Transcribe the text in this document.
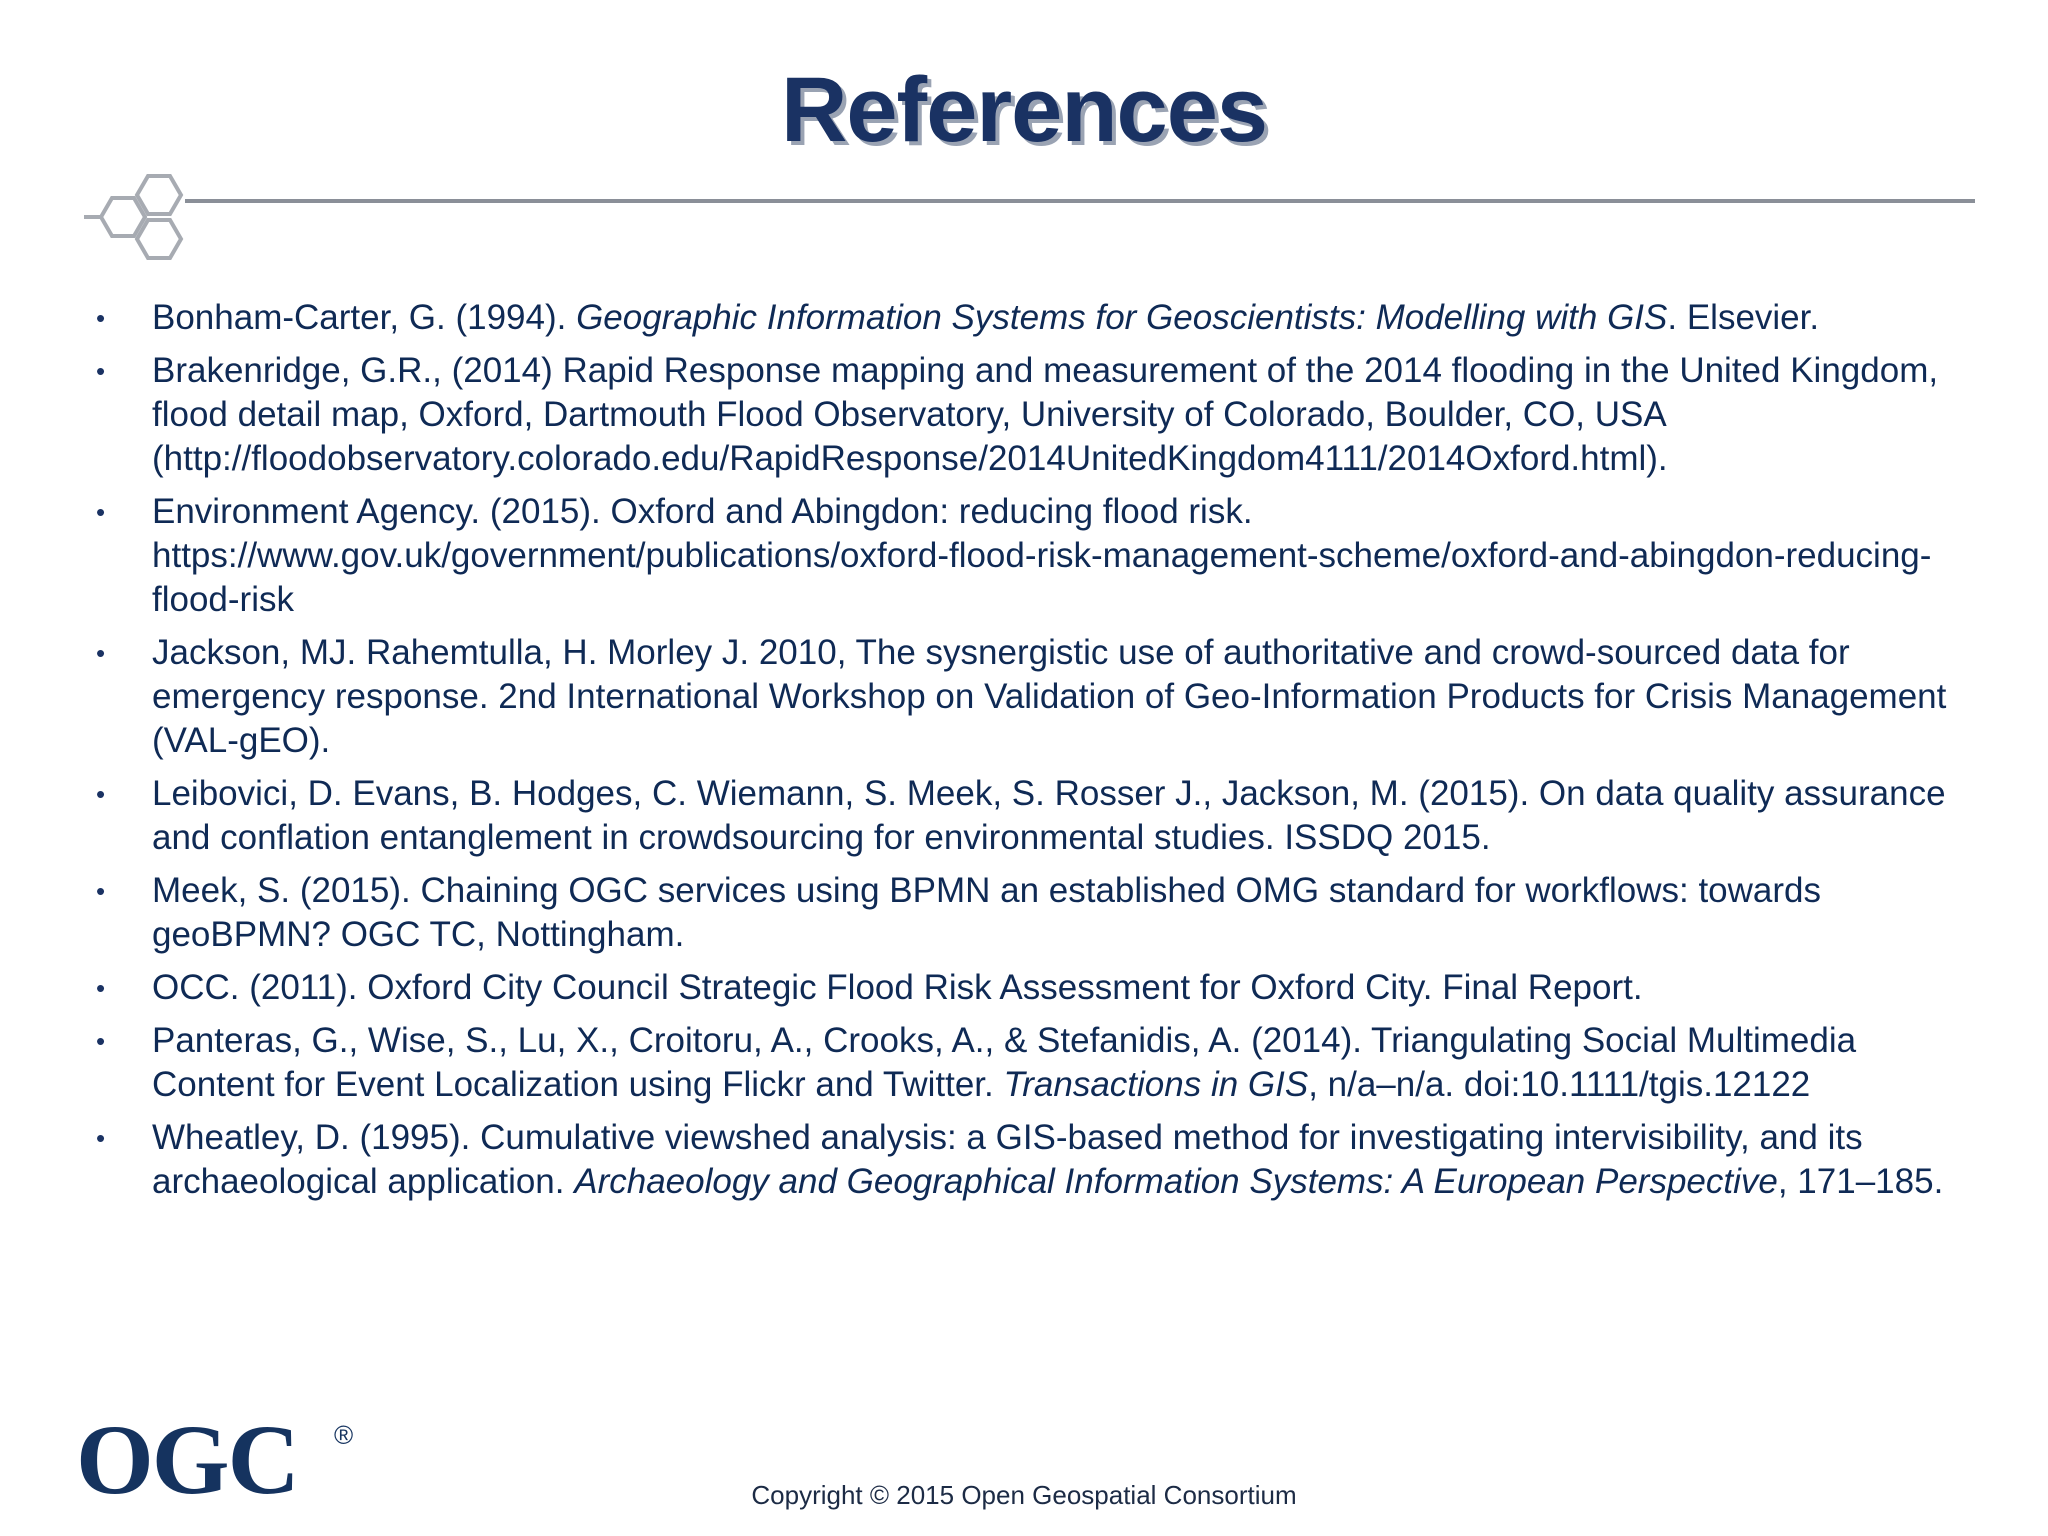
References
• Bonham-Carter, G. (1994). Geographic Information Systems for Geoscientists: Modelling with GIS. Elsevier.
• Brakenridge, G.R., (2014) Rapid Response mapping and measurement of the 2014 flooding in the United Kingdom, flood detail map, Oxford, Dartmouth Flood Observatory, University of Colorado, Boulder, CO, USA (http://floodobservatory.colorado.edu/RapidResponse/2014UnitedKingdom4111/2014Oxford.html).
• Environment Agency. (2015). Oxford and Abingdon: reducing flood risk. https://www.gov.uk/government/publications/oxford-flood-risk-management-scheme/oxford-and-abingdon-reducing-flood-risk
• Jackson, MJ. Rahemtulla, H. Morley J. 2010, The sysnergistic use of authoritative and crowd-sourced data for emergency response. 2nd International Workshop on Validation of Geo-Information Products for Crisis Management (VAL-gEO).
• Leibovici, D. Evans, B. Hodges, C. Wiemann, S. Meek, S. Rosser J., Jackson, M. (2015). On data quality assurance and conflation entanglement in crowdsourcing for environmental studies. ISSDQ 2015.
• Meek, S. (2015). Chaining OGC services using BPMN an established OMG standard for workflows: towards geoBPMN? OGC TC, Nottingham.
• OCC. (2011). Oxford City Council Strategic Flood Risk Assessment for Oxford City. Final Report.
• Panteras, G., Wise, S., Lu, X., Croitoru, A., Crooks, A., & Stefanidis, A. (2014). Triangulating Social Multimedia Content for Event Localization using Flickr and Twitter. Transactions in GIS, n/a–n/a. doi:10.1111/tgis.12122
• Wheatley, D. (1995). Cumulative viewshed analysis: a GIS-based method for investigating intervisibility, and its archaeological application. Archaeology and Geographical Information Systems: A European Perspective, 171–185.
OGC ®
Copyright © 2015 Open Geospatial Consortium
